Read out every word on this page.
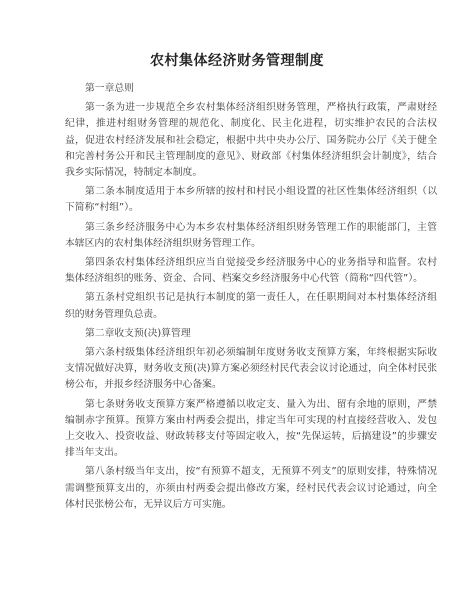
农村集体经济财务管理制度

第一章总则

第一条为进一步规范全乡农村集体经济组织财务管理，严格执行政策，严肃财经纪律，推进村组财务管理的规范化、制度化、民主化进程，切实维护农民的合法权益，促进农村经济发展和社会稳定，根据中共中央办公厅、国务院办公厅《关于健全和完善村务公开和民主管理制度的意见》、财政部《村集体经济组织会计制度》，结合我乡实际情况，特制定本制度。

第二条本制度适用于本乡所辖的按村和村民小组设置的社区性集体经济组织（以下简称“村组”）。

第三条乡经济服务中心为本乡农村集体经济组织财务管理工作的职能部门，主管本辖区内的农村集体经济组织财务管理工作。

第四条农村集体经济组织应当自觉接受乡经济服务中心的业务指导和监督。农村集体经济组织的账务、资金、合同、档案交乡经济服务中心代管（简称“四代管”）。

第五条村党组织书记是执行本制度的第一责任人，在任职期间对本村集体经济组织的财务管理负总责。

第二章收支预(决)算管理

第六条村级集体经济组织年初必须编制年度财务收支预算方案，年终根据实际收支情况做好决算，财务收支预(决)算方案必须经村民代表会议讨论通过，向全体村民张榜公布，并报乡经济服务中心备案。

第七条财务收支预算方案严格遵循以收定支、量入为出、留有余地的原则，严禁编制赤字预算。预算方案由村两委会提出，排定当年可实现的村直接经营收入、发包上交收入、投资收益、财政转移支付等固定收入，按“先保运转，后搞建设”的步骤安排当年支出。

第八条村级当年支出，按“有预算不超支，无预算不列支”的原则安排，特殊情况需调整预算支出的，亦须由村两委会提出修改方案，经村民代表会议讨论通过，向全体村民张榜公布，无异议后方可实施。
